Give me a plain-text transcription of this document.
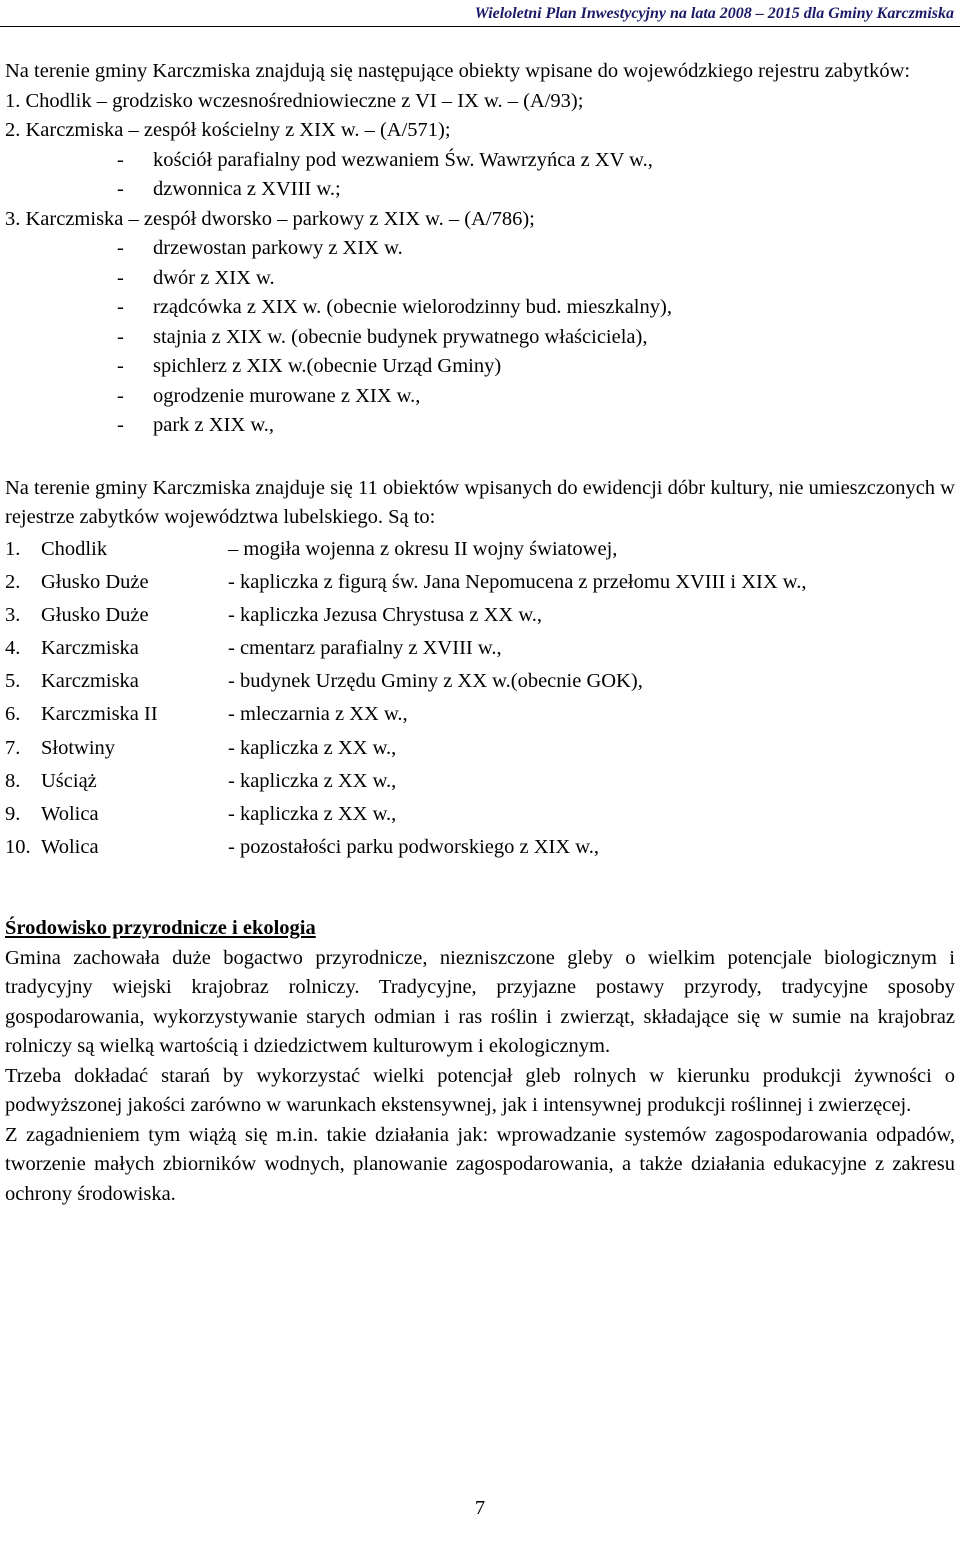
Wieloletni Plan Inwestycyjny na lata 2008 – 2015 dla Gminy Karczmiska

Na terenie gminy Karczmiska znajdują się następujące obiekty wpisane do wojewódzkiego rejestru zabytków:

1. Chodlik – grodzisko wczesnośredniowieczne z VI – IX w. – (A/93);

2. Karczmiska – zespół kościelny z XIX w. – (A/571);

- kościół parafialny pod wezwaniem Św. Wawrzyńca z XV w.,

- dzwonnica z XVIII w.;

3. Karczmiska – zespół dworsko – parkowy z XIX w. – (A/786);

- drzewostan parkowy z XIX w.

- dwór z XIX w.

- rządcówka z XIX w. (obecnie wielorodzinny bud. mieszkalny),

- stajnia z XIX w. (obecnie budynek prywatnego właściciela),

- spichlerz z XIX w.(obecnie Urząd Gminy)

- ogrodzenie murowane z XIX w.,

- park z XIX w.,

Na terenie gminy Karczmiska znajduje się 11 obiektów wpisanych do ewidencji dóbr kultury, nie umieszczonych w rejestrze zabytków województwa lubelskiego. Są to:

1. Chodlik	– mogiła wojenna z okresu II wojny światowej,
2. Głusko Duże	- kapliczka z figurą św. Jana Nepomucena z przełomu XVIII i XIX w.,
3. Głusko Duże	- kapliczka Jezusa Chrystusa z XX w.,
4. Karczmiska	- cmentarz parafialny z XVIII w.,
5. Karczmiska	- budynek Urzędu Gminy z XX w.(obecnie GOK),
6. Karczmiska II	- mleczarnia z XX w.,
7. Słotwiny	- kapliczka z XX w.,
8. Uściąż	- kapliczka z XX w.,
9. Wolica	- kapliczka z XX w.,
10. Wolica	- pozostałości parku podworskiego z XIX w.,

Środowisko przyrodnicze i ekologia

Gmina zachowała duże bogactwo przyrodnicze, niezniszczone gleby o wielkim potencjale biologicznym i tradycyjny wiejski krajobraz rolniczy. Tradycyjne, przyjazne postawy przyrody, tradycyjne sposoby gospodarowania, wykorzystywanie starych odmian i ras roślin i zwierząt, składające się w sumie na krajobraz rolniczy są wielką wartością i dziedzictwem kulturowym i ekologicznym.

Trzeba dokładać starań by wykorzystać wielki potencjał gleb rolnych w kierunku produkcji żywności o podwyższonej jakości zarówno w warunkach ekstensywnej, jak i intensywnej produkcji roślinnej i zwierzęcej.

Z zagadnieniem tym wiążą się m.in. takie działania jak: wprowadzanie systemów zagospodarowania odpadów, tworzenie małych zbiorników wodnych, planowanie zagospodarowania, a także działania edukacyjne z zakresu ochrony środowiska.

7
